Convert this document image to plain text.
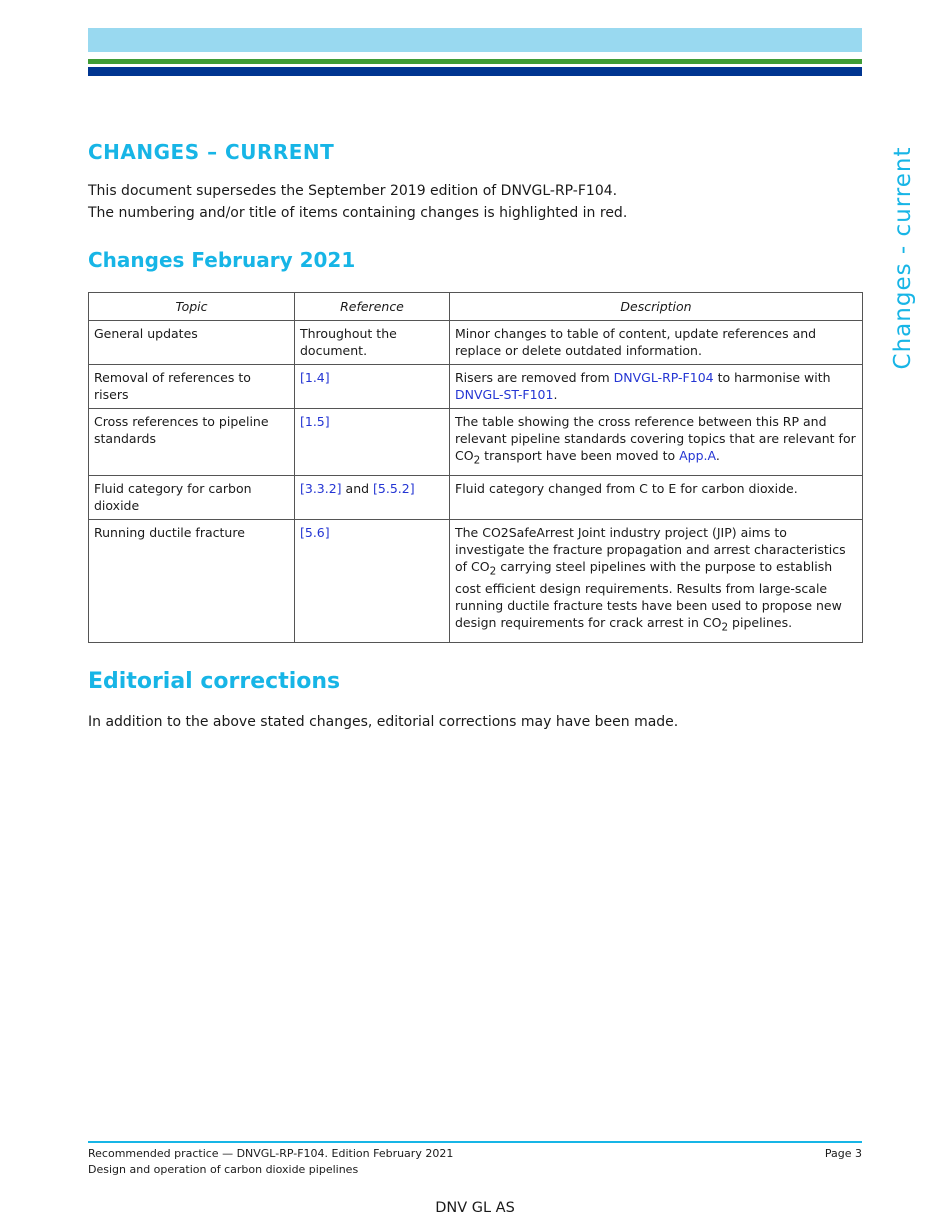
Changes - current
CHANGES – CURRENT
This document supersedes the September 2019 edition of DNVGL-RP-F104.
The numbering and/or title of items containing changes is highlighted in red.
Changes February 2021
Topic	Reference	Description
General updates	Throughout the document.	Minor changes to table of content, update references and replace or delete outdated information.
Removal of references to risers	[1.4]	Risers are removed from DNVGL-RP-F104 to harmonise with DNVGL-ST-F101.
Cross references to pipeline standards	[1.5]	The table showing the cross reference between this RP and relevant pipeline standards covering topics that are relevant for $CO_2$ transport have been moved to App.A.
Fluid category for carbon dioxide	[3.3.2] and [5.5.2]	Fluid category changed from C to E for carbon dioxide.
Running ductile fracture	[5.6]	The CO2SafeArrest Joint industry project (JIP) aims to investigate the fracture propagation and arrest characteristics of $CO_2$ carrying steel pipelines with the purpose to establish cost efficient design requirements. Results from large-scale running ductile fracture tests have been used to propose new design requirements for crack arrest in $CO_2$ pipelines.
Editorial corrections
In addition to the above stated changes, editorial corrections may have been made.
Recommended practice — DNVGL-RP-F104. Edition February 2021
Design and operation of carbon dioxide pipelines
Page 3
DNV GL AS
